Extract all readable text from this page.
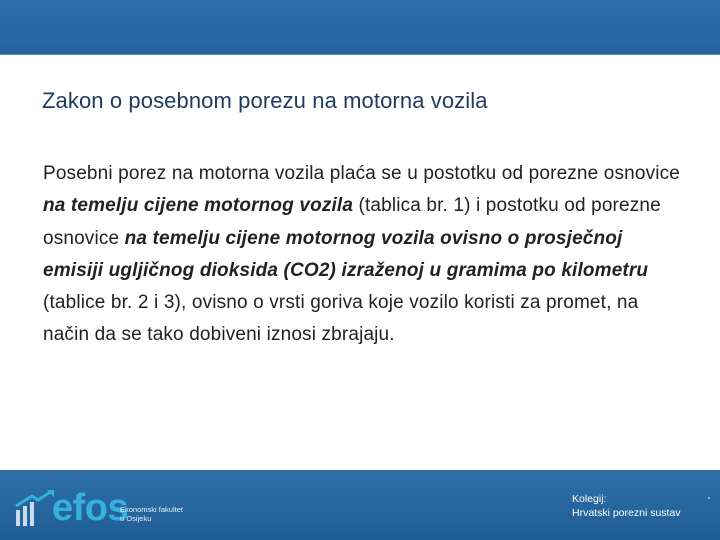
Zakon o posebnom porezu na motorna vozila

Posebni porez na motorna vozila plaća se u postotku od porezne osnovice na temelju cijene motornog vozila (tablica br. 1) i postotku od porezne osnovice na temelju cijene motornog vozila ovisno o prosječnoj emisiji ugljičnog dioksida (CO2) izraženoj u gramima po kilometru (tablice br. 2 i 3), ovisno o vrsti goriva koje vozilo koristi za promet, na način da se tako dobiveni iznosi zbrajaju.

efos
Ekonomski fakultet
u Osijeku
Kolegij:
Hrvatski porezni sustav
